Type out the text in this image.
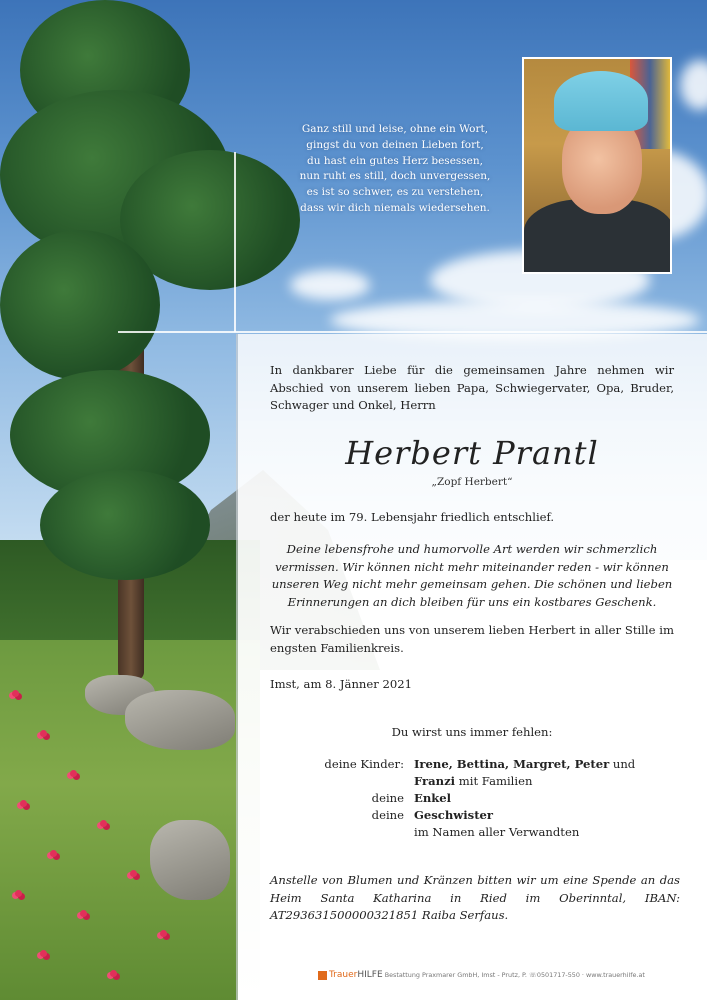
Ganz still und leise, ohne ein Wort,
gingst du von deinen Lieben fort,
du hast ein gutes Herz besessen,
nun ruht es still, doch unvergessen,
es ist so schwer, es zu verstehen,
dass wir dich niemals wiedersehen.
In dankbarer Liebe für die gemeinsamen Jahre nehmen wir Abschied von unserem lieben Papa, Schwiegervater, Opa, Bruder, Schwager und Onkel, Herrn
Herbert Prantl
„Zopf Herbert“
der heute im 79. Lebensjahr friedlich entschlief.
Deine lebensfrohe und humorvolle Art werden wir schmerzlich vermissen. Wir können nicht mehr miteinander reden - wir können unseren Weg nicht mehr gemeinsam gehen. Die schönen und lieben Erinnerungen an dich bleiben für uns ein kostbares Geschenk.
Wir verabschieden uns von unserem lieben Herbert in aller Stille im engsten Familienkreis.
Imst, am 8. Jänner 2021
Du wirst uns immer fehlen:
deine Kinder: Irene, Bettina, Margret, Peter und
Franzi mit Familien
deine Enkel
deine Geschwister
im Namen aller Verwandten
Anstelle von Blumen und Kränzen bitten wir um eine Spende an das Heim Santa Katharina in Ried im Oberinntal, IBAN: AT293631500000321851 Raiba Serfaus.
TrauerHILFE Bestattung Praxmarer GmbH, Imst - Prutz, P. ☏0501717-550 · www.trauerhilfe.at
